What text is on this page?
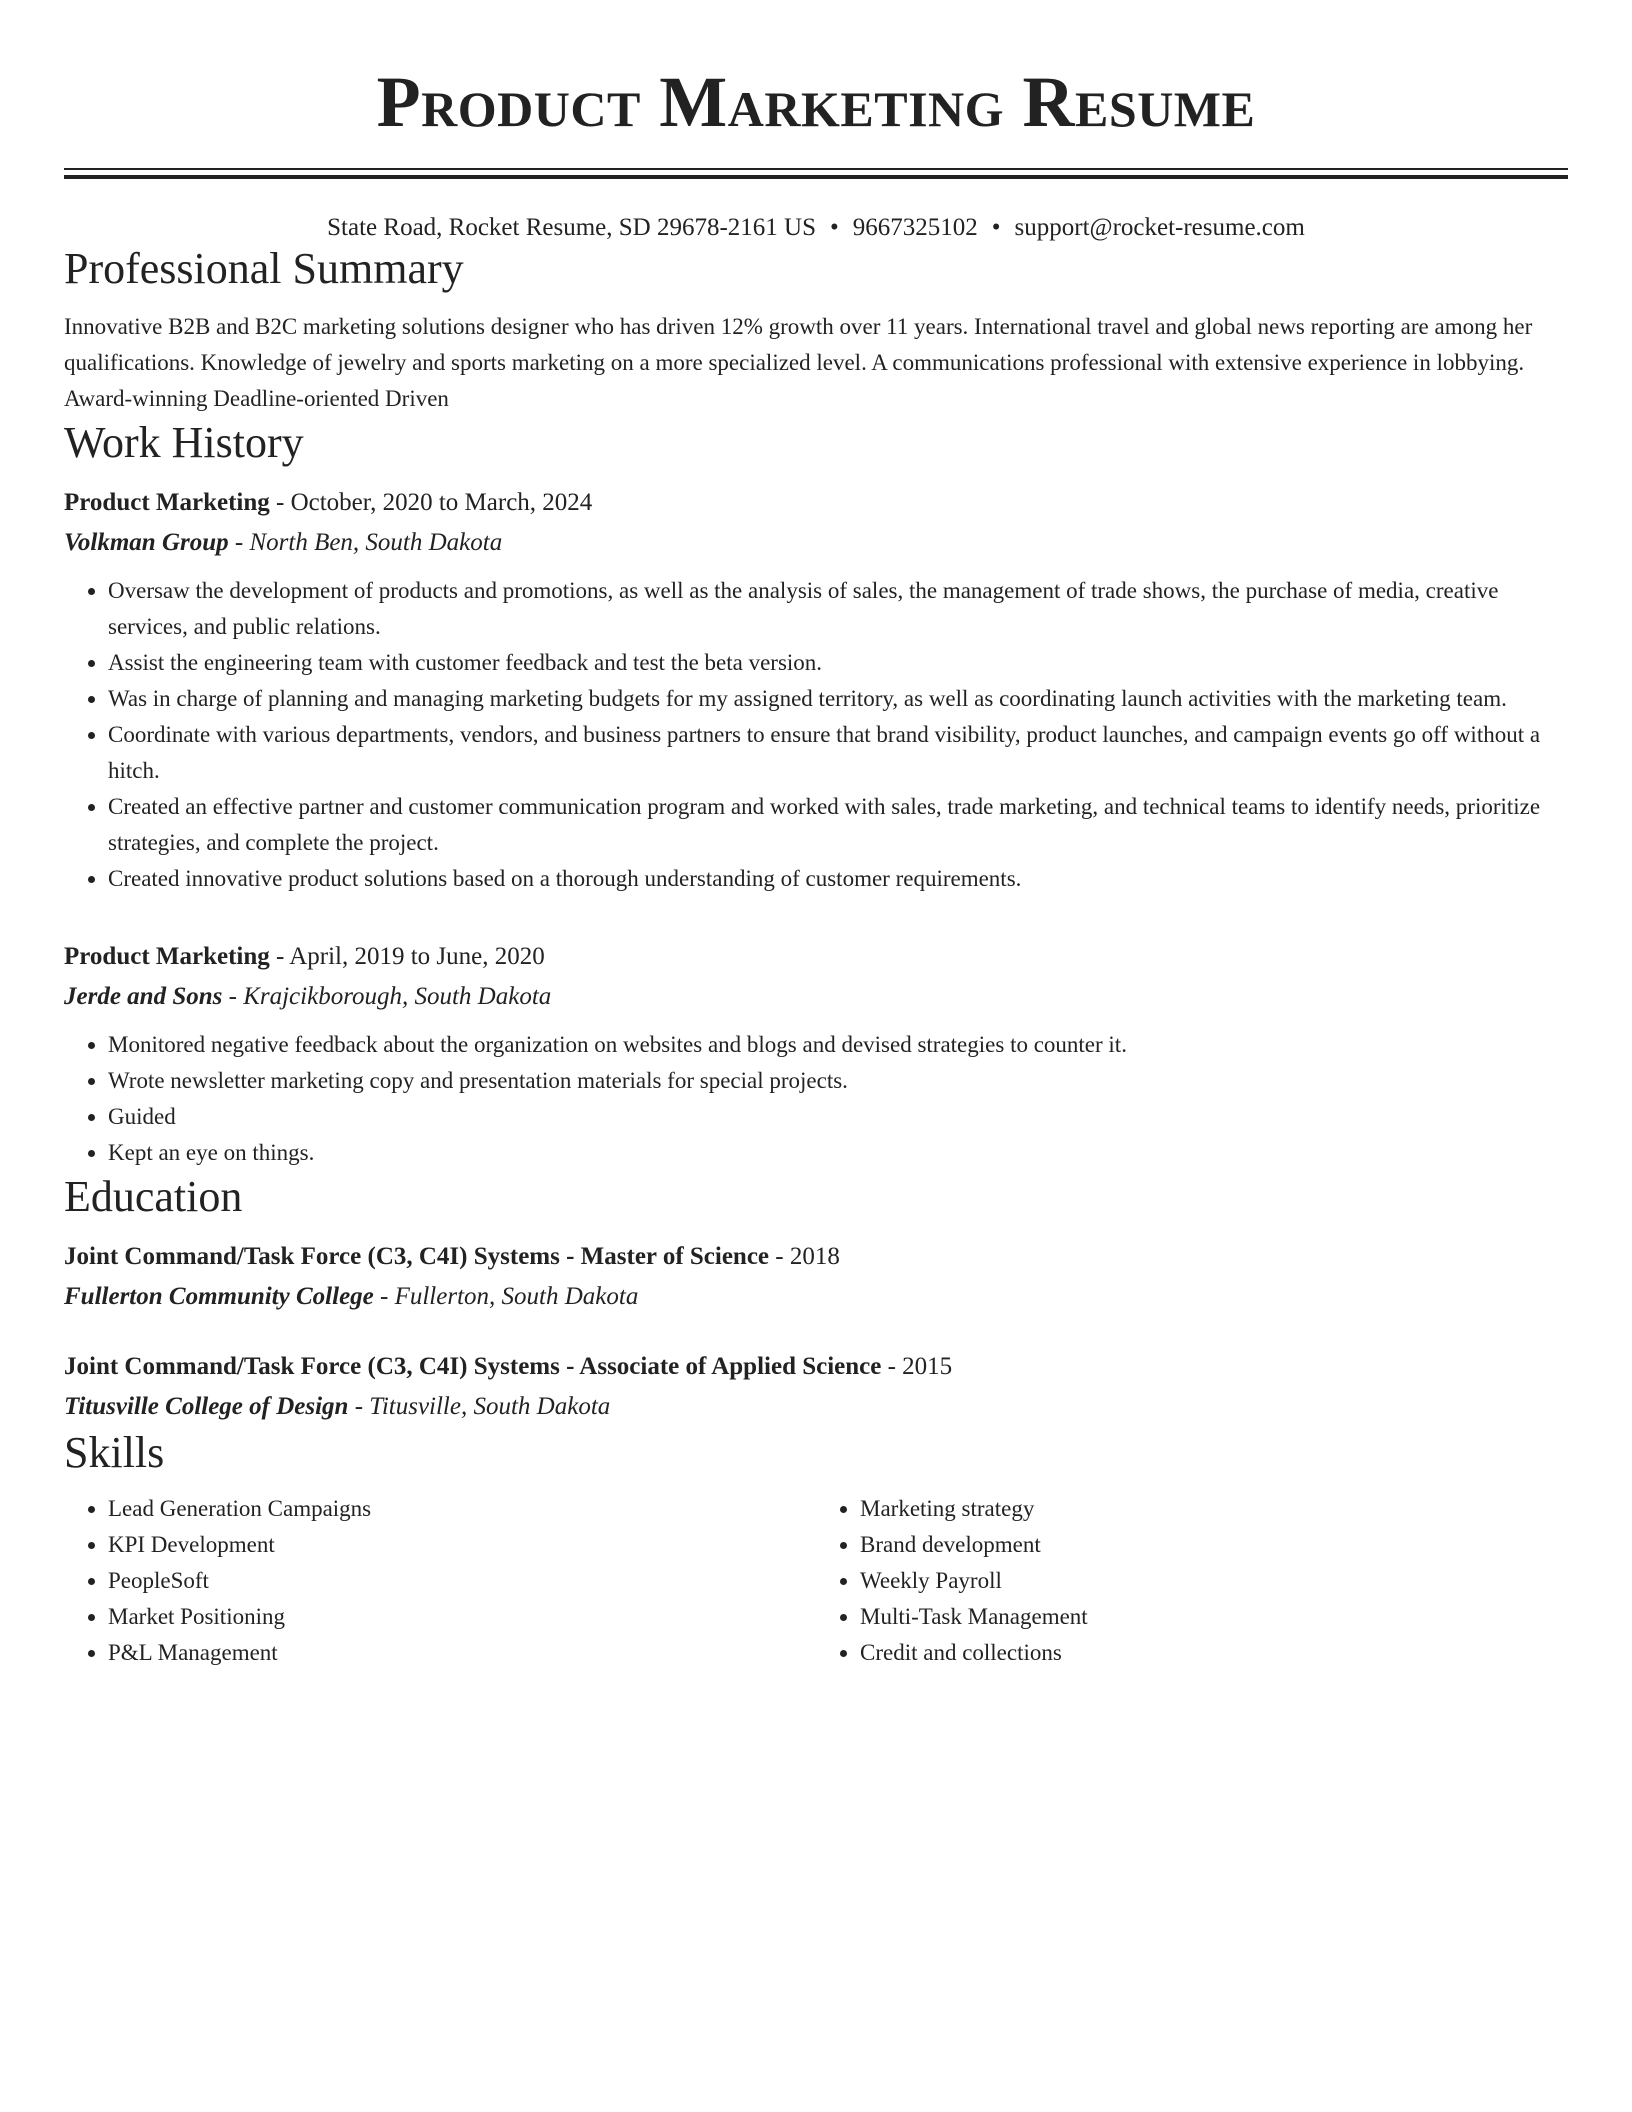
Product Marketing Resume
State Road, Rocket Resume, SD 29678-2161 US • 9667325102 • support@rocket-resume.com
Professional Summary
Innovative B2B and B2C marketing solutions designer who has driven 12% growth over 11 years. International travel and global news reporting are among her qualifications. Knowledge of jewelry and sports marketing on a more specialized level. A communications professional with extensive experience in lobbying. Award-winning Deadline-oriented Driven
Work History
Product Marketing - October, 2020 to March, 2024
Volkman Group - North Ben, South Dakota
• Oversaw the development of products and promotions, as well as the analysis of sales, the management of trade shows, the purchase of media, creative services, and public relations.
• Assist the engineering team with customer feedback and test the beta version.
• Was in charge of planning and managing marketing budgets for my assigned territory, as well as coordinating launch activities with the marketing team.
• Coordinate with various departments, vendors, and business partners to ensure that brand visibility, product launches, and campaign events go off without a hitch.
• Created an effective partner and customer communication program and worked with sales, trade marketing, and technical teams to identify needs, prioritize strategies, and complete the project.
• Created innovative product solutions based on a thorough understanding of customer requirements.
Product Marketing - April, 2019 to June, 2020
Jerde and Sons - Krajcikborough, South Dakota
• Monitored negative feedback about the organization on websites and blogs and devised strategies to counter it.
• Wrote newsletter marketing copy and presentation materials for special projects.
• Guided
• Kept an eye on things.
Education
Joint Command/Task Force (C3, C4I) Systems - Master of Science - 2018
Fullerton Community College - Fullerton, South Dakota
Joint Command/Task Force (C3, C4I) Systems - Associate of Applied Science - 2015
Titusville College of Design - Titusville, South Dakota
Skills
• Lead Generation Campaigns
• KPI Development
• PeopleSoft
• Market Positioning
• P&L Management
• Marketing strategy
• Brand development
• Weekly Payroll
• Multi-Task Management
• Credit and collections
